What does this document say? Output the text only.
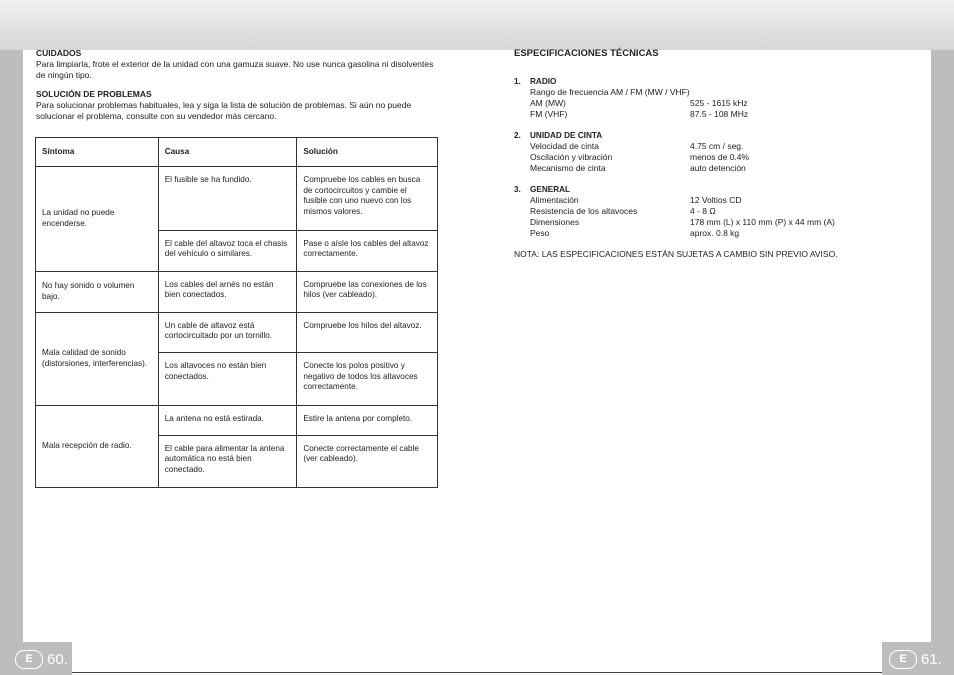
E 60.	E 61.
CUIDADOS

Para limpiarla, frote el exterior de la unidad con una gamuza suave. No use nunca gasolina ni disolventes de ningún tipo.

SOLUCIÓN DE PROBLEMAS

Para solucionar problemas habituales, lea y siga la lista de solución de problemas. Si aún no puede solucionar el problema, consulte con su vendedor más cercano.

Síntoma	Causa	Solución
La unidad no puede encenderse.	El fusible se ha fundido.	Compruebe los cables en busca de cortocircuitos y cambie el fusible con uno nuevo con los mismos valores.
	El cable del altavoz toca el chasis del vehículo o similares.	Pase o aísle los cables del altavoz correctamente.
No hay sonido o volumen bajo.	Los cables del arnés no están bien conectados.	Compruebe las conexiones de los hilos (ver cableado).
Mala calidad de sonido (distorsiones, interferencias).	Un cable de altavoz está cortocircuitado por un tornillo.	Compruebe los hilos del altavoz.
	Los altavoces no están bien conectados.	Conecte los polos positivo y negativo de todos los altavoces correctamente.
Mala recepción de radio.	La antena no está estirada.	Estire la antena por completo.
	El cable para alimentar la antena automática no está bien conectado.	Conecte correctamente el cable (ver cableado).
ESPECIFICACIONES TÉCNICAS
1. RADIO
Rango de frecuencia AM / FM (MW / VHF)
AM (MW)	525 - 1615 kHz
FM (VHF)	87.5 - 108 MHz
2. UNIDAD DE CINTA
Velocidad de cinta	4.75 cm / seg.
Oscilación y vibración	menos de 0.4%
Mecanismo de cinta	auto detención
3. GENERAL
Alimentación	12 Voltios CD
Resistencia de los altavoces	4 - 8 Ω
Dimensiones	178 mm (L) x 110 mm (P) x 44 mm (A)
Peso	aprox. 0.8 kg
NOTA: LAS ESPECIFICACIONES ESTÁN SUJETAS A CAMBIO SIN PREVIO AVISO.
